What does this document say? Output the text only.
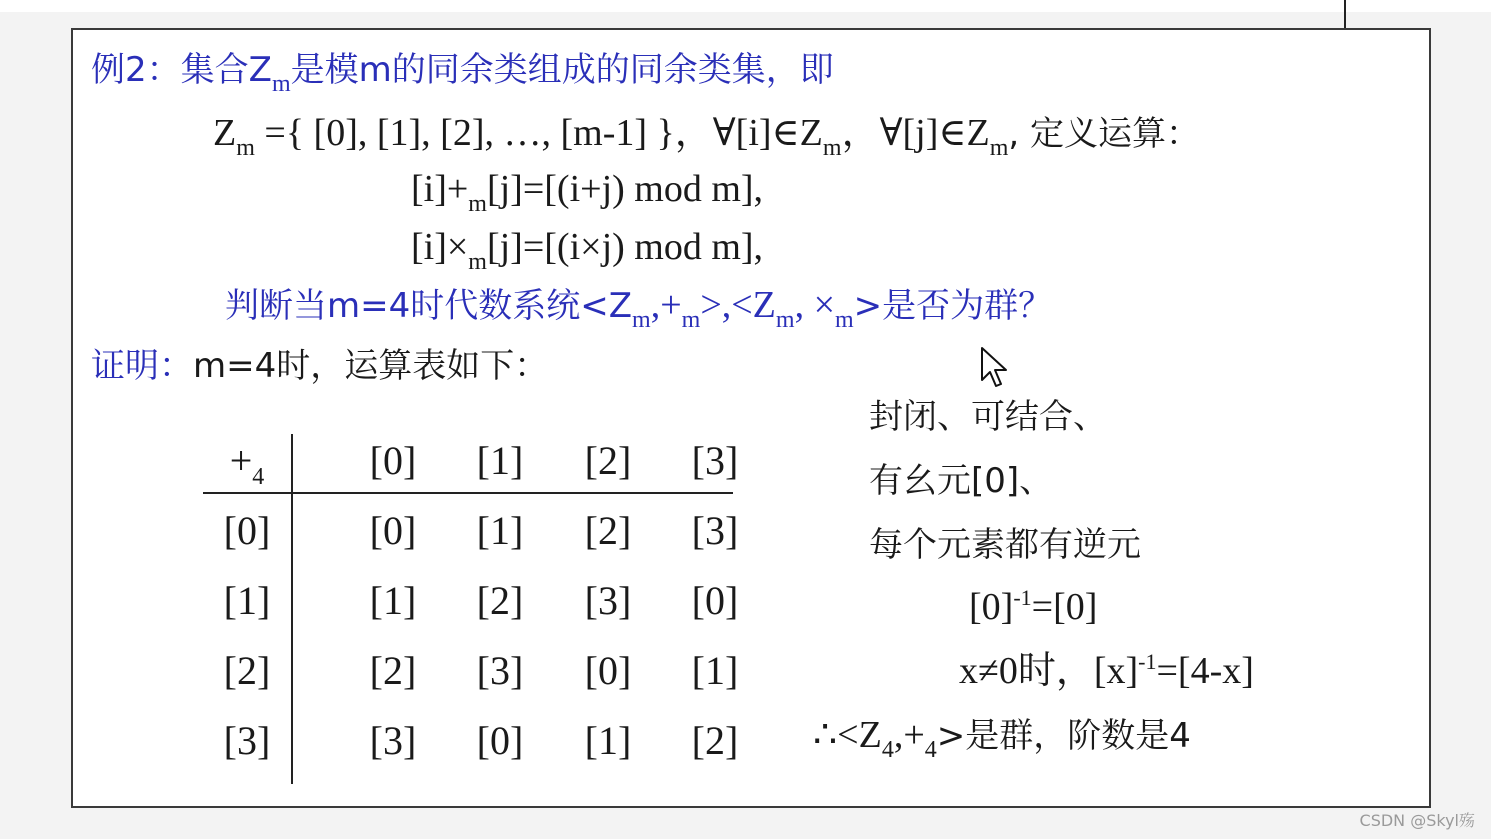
例2：集合$Z_m$是模m的同余类组成的同余类集，即
$Z_m$ ={ [0], [1], [2], …, [m-1] }，$\forall[i]\in Z_m$，$\forall[j]\in Z_m$, 定义运算：
$[i]+_m[j]=[(i+j)$ mod m],
$[i]\times_m[j]=[(i\times j)$ mod m],
判断当m=4时代数系统$<Z_m,+_m>,<Z_m$, $\times_m>$是否为群？
证明：m=4时，运算表如下：
$+_4$	[0]	[1]	[2]	[3]
[0]	[0]	[1]	[2]	[3]
[1]	[1]	[2]	[3]	[0]
[2]	[2]	[3]	[0]	[1]
[3]	[3]	[0]	[1]	[2]
封闭、可结合、
有幺元[0]、
每个元素都有逆元
$[0]^{-1}=[0]$
x≠0时，$[x]^{-1}=[4-x]$
$\therefore<Z_4,+_4>$是群，阶数是4
CSDN @Skyl殇
